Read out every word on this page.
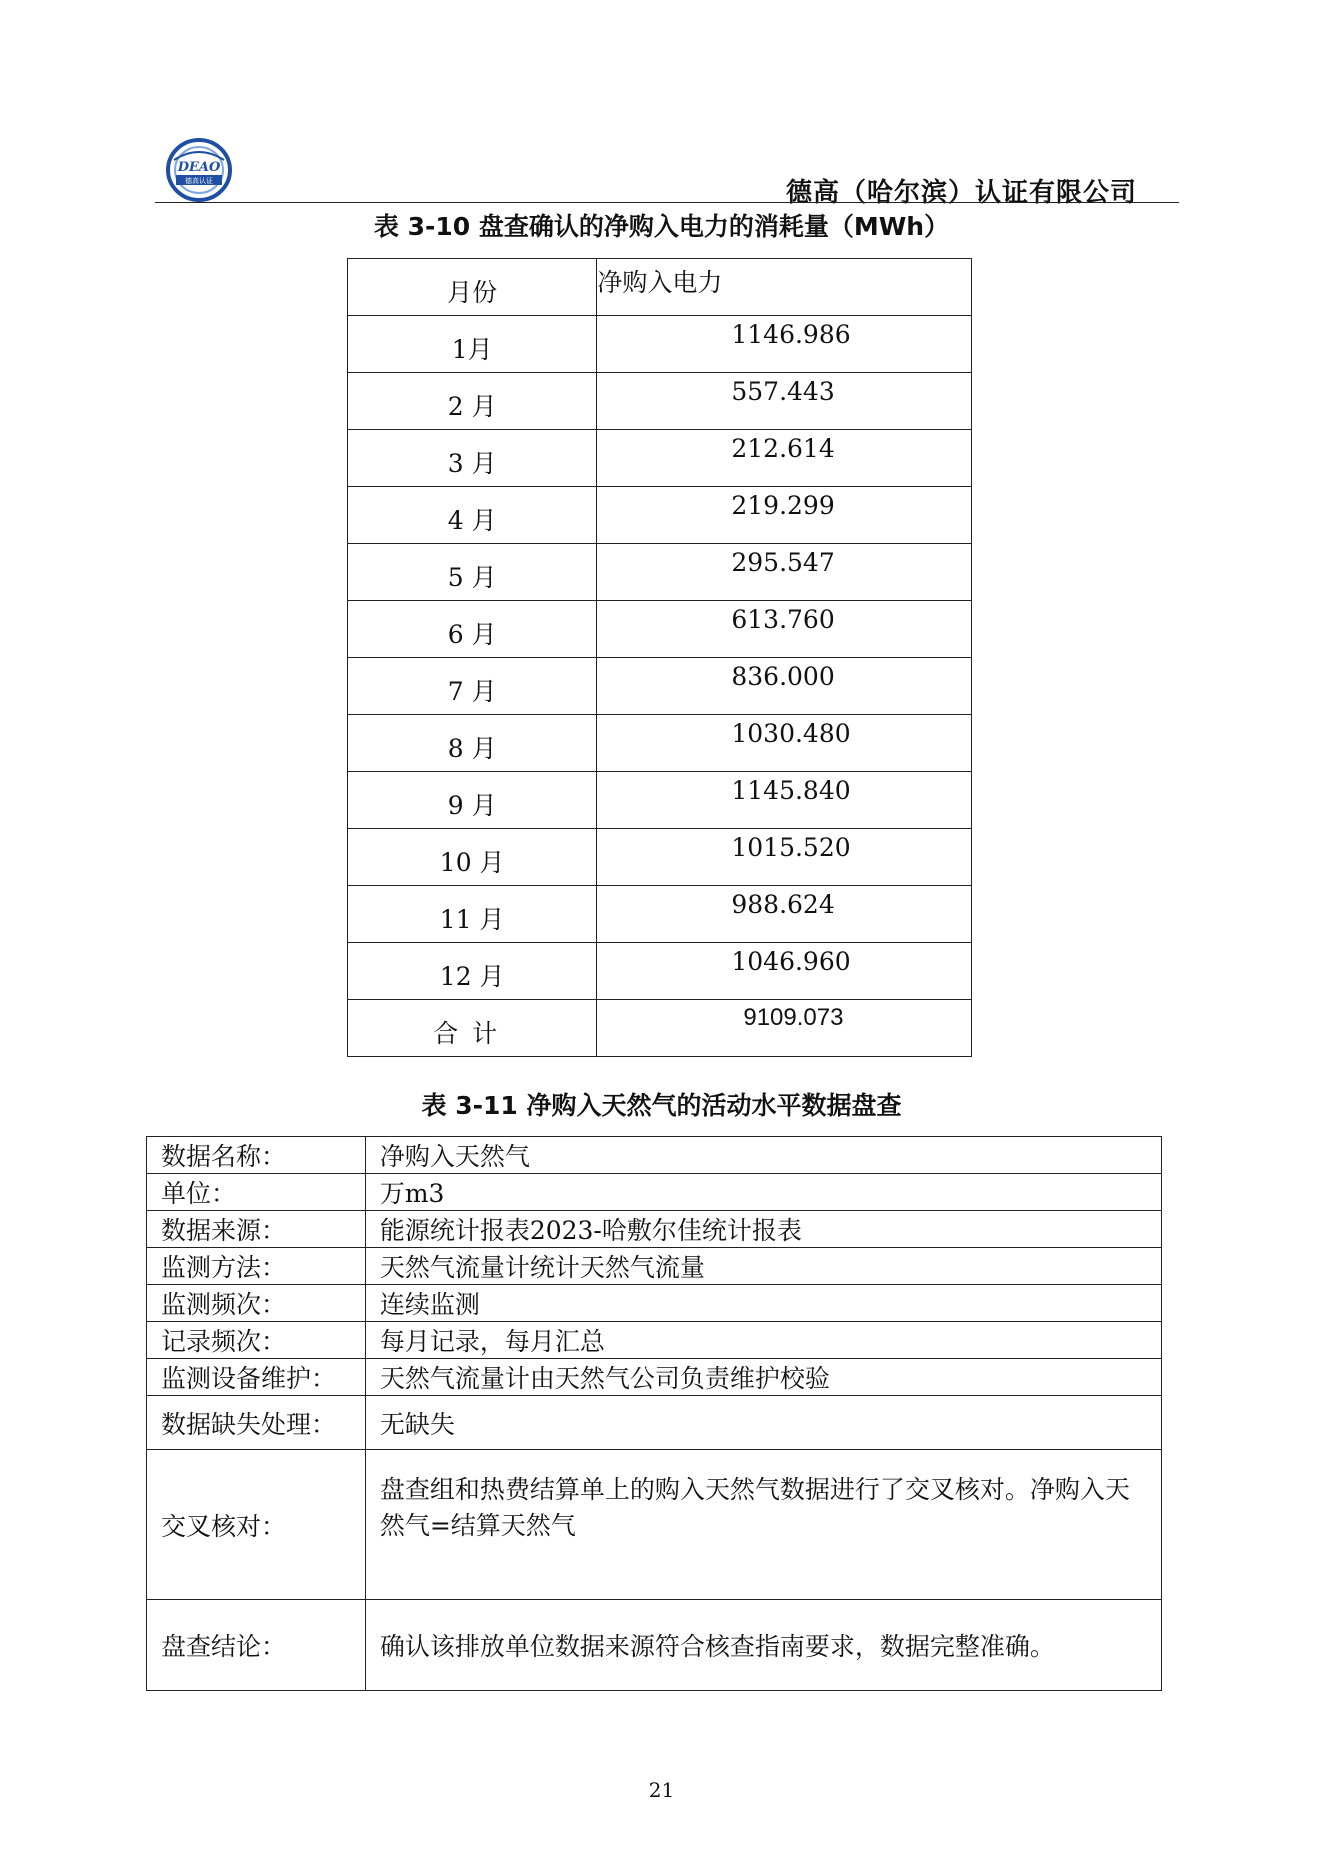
DEAO
德高认证	德高（哈尔滨）认证有限公司
表 3-10 盘查确认的净购入电力的消耗量（MWh）
月份	净购入电力
1月	1146.986
2 月	557.443
3 月	212.614
4 月	219.299
5 月	295.547
6 月	613.760
7 月	836.000
8 月	1030.480
9 月	1145.840
10 月	1015.520
11 月	988.624
12 月	1046.960
合计	9109.073
表 3-11 净购入天然气的活动水平数据盘查
数据名称：	净购入天然气
单位：	万m3
数据来源：	能源统计报表2023-哈敷尔佳统计报表
监测方法：	天然气流量计统计天然气流量
监测频次：	连续监测
记录频次：	每月记录，每月汇总
监测设备维护：	天然气流量计由天然气公司负责维护校验
数据缺失处理：	无缺失
交叉核对：	盘查组和热费结算单上的购入天然气数据进行了交叉核对。净购入天然气=结算天然气
盘查结论：	确认该排放单位数据来源符合核查指南要求，数据完整准确。
21
